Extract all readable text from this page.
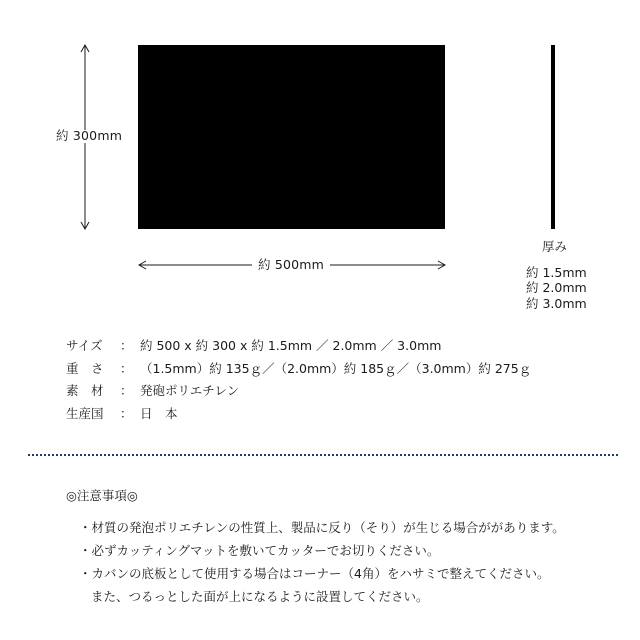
約 300mm
約 500mm
厚み
約 1.5mm
約 2.0mm
約 3.0mm
サイズ	： 約 500 x 約 300 x 約 1.5mm ／ 2.0mm ／ 3.0mm
重　さ	： （1.5mm）約 135ｇ／（2.0mm）約 185ｇ／（3.0mm）約 275ｇ
素　材	： 発砲ポリエチレン
生産国	： 日　本
◎注意事項◎
・材質の発泡ポリエチレンの性質上、製品に反り（そり）が生じる場合ががあります。
・必ずカッティングマットを敷いてカッターでお切りください。
・カバンの底板として使用する場合はコーナー（4角）をハサミで整えてください。
また、つるっとした面が上になるように設置してください。
